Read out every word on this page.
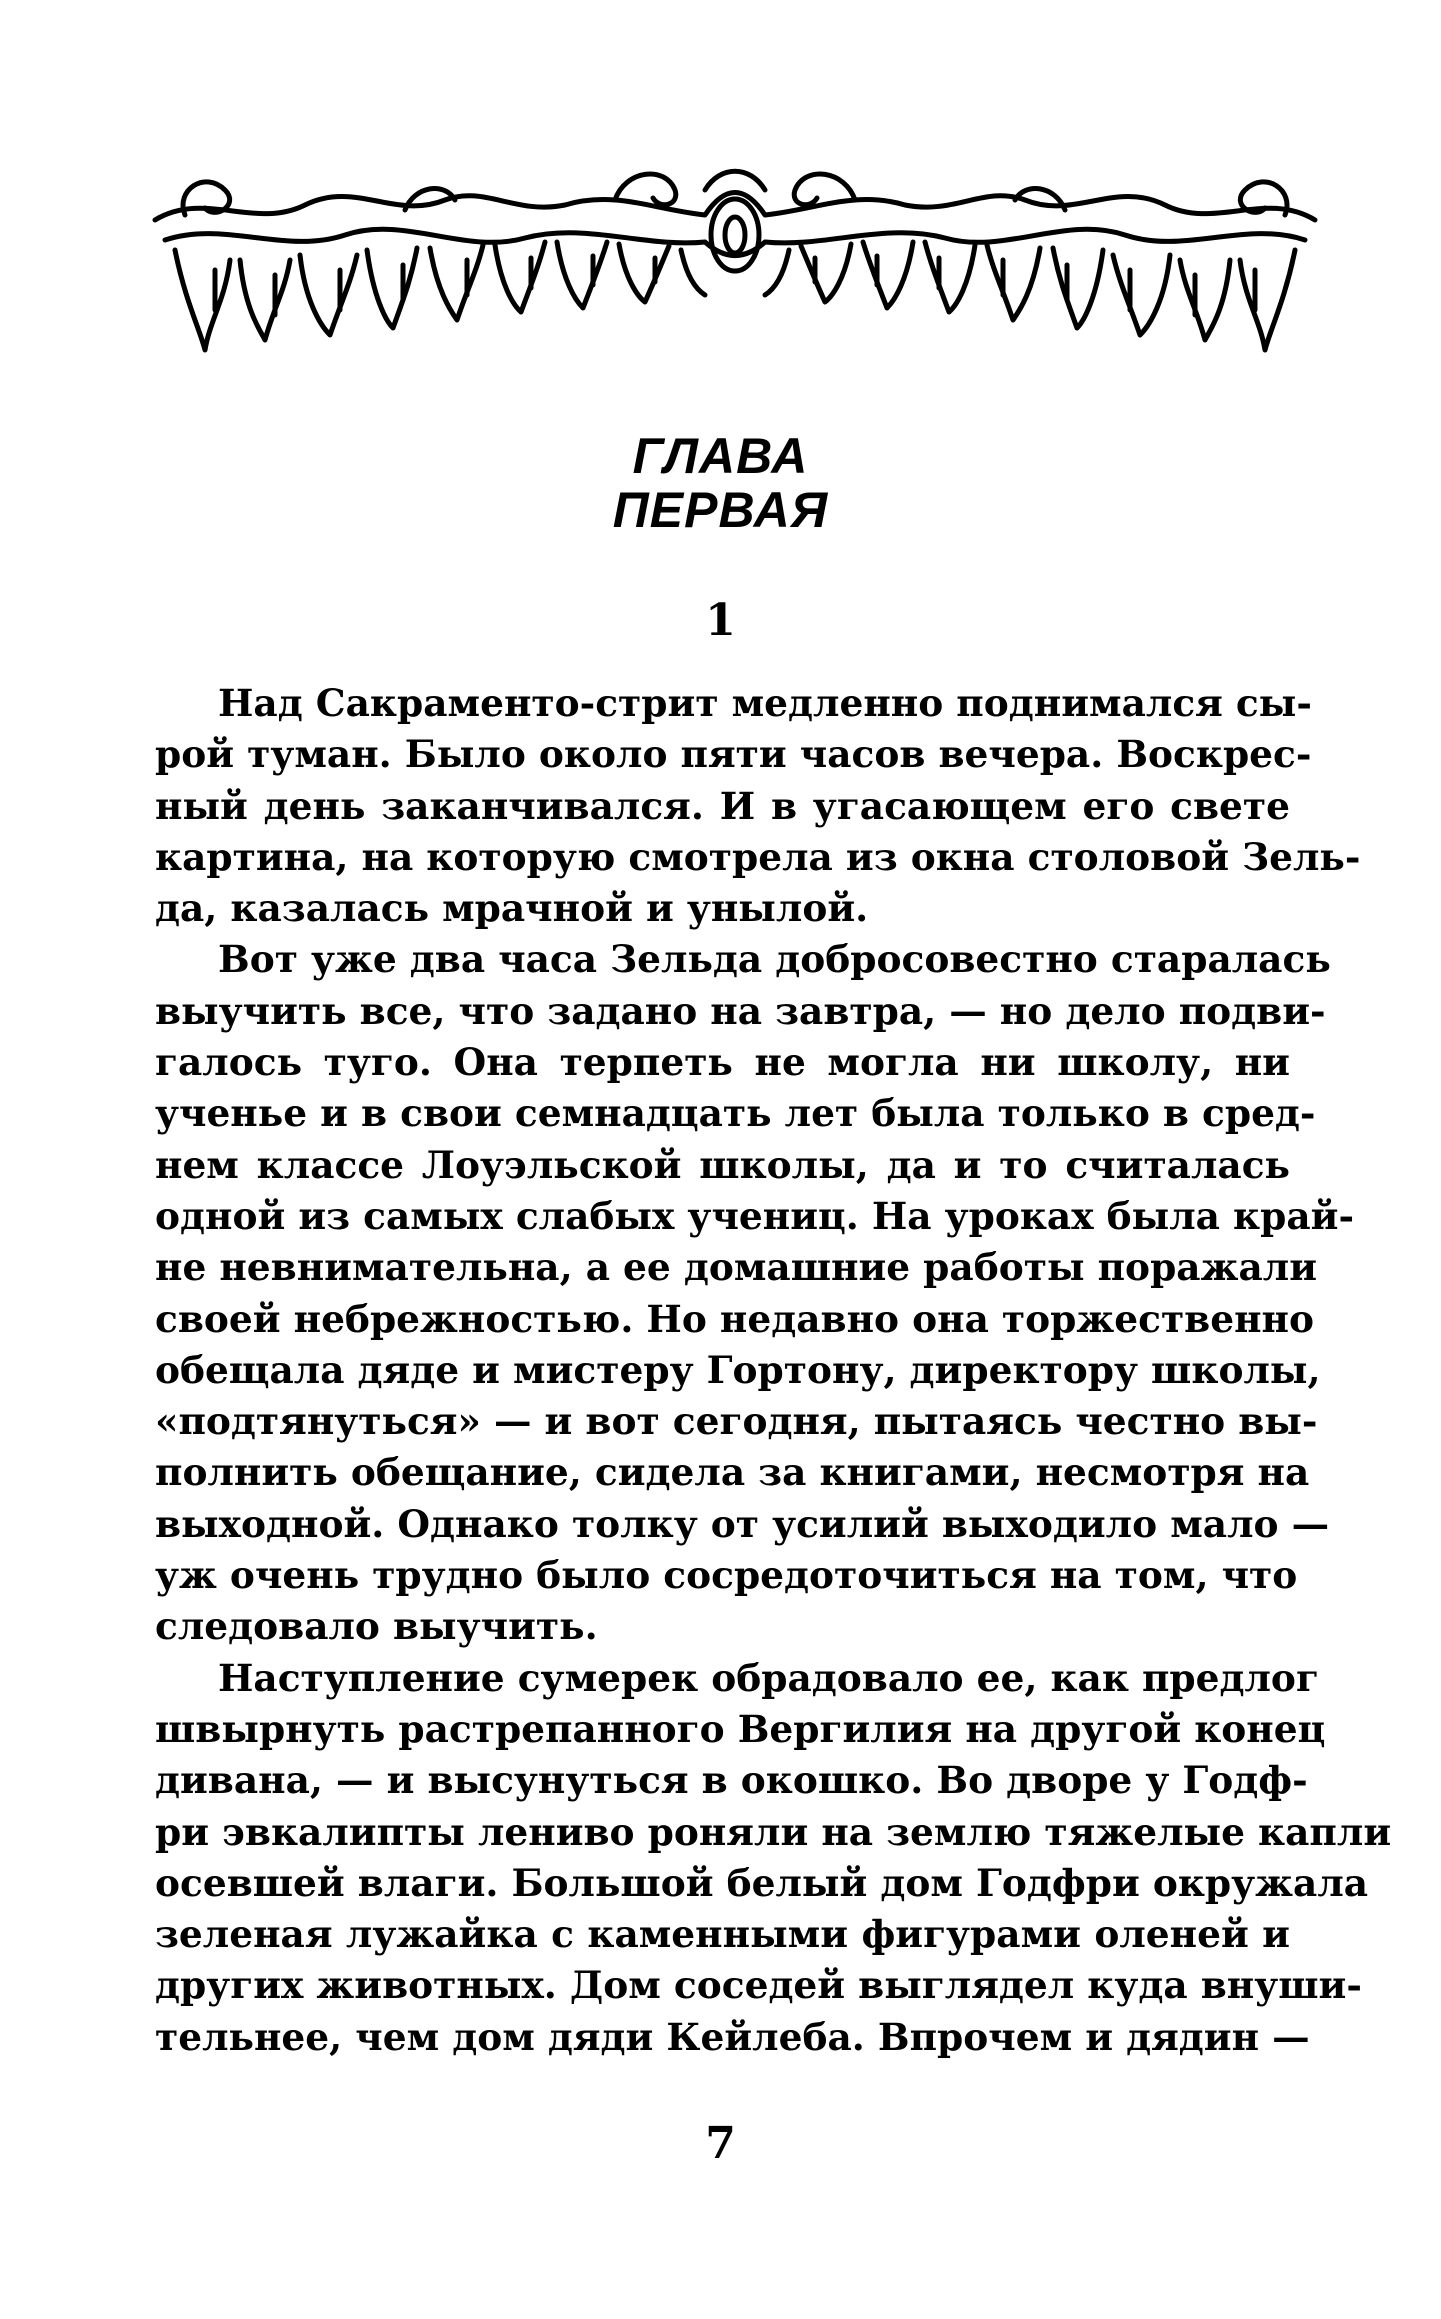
ГЛАВА
ПЕРВАЯ
1
Над Сакраменто-стрит медленно поднимался сы-
рой туман. Было около пяти часов вечера. Воскрес-
ный день заканчивался. И в угасающем его свете
картина, на которую смотрела из окна столовой Зель-
да, казалась мрачной и унылой.
Вот уже два часа Зельда добросовестно старалась
выучить все, что задано на завтра, — но дело подви-
галось туго. Она терпеть не могла ни школу, ни
ученье и в свои семнадцать лет была только в сред-
нем классе Лоуэльской школы, да и то считалась
одной из самых слабых учениц. На уроках была край-
не невнимательна, а ее домашние работы поражали
своей небрежностью. Но недавно она торжественно
обещала дяде и мистеру Гортону, директору школы,
«подтянуться» — и вот сегодня, пытаясь честно вы-
полнить обещание, сидела за книгами, несмотря на
выходной. Однако толку от усилий выходило мало —
уж очень трудно было сосредоточиться на том, что
следовало выучить.
Наступление сумерек обрадовало ее, как предлог
швырнуть растрепанного Вергилия на другой конец
дивана, — и высунуться в окошко. Во дворе у Годф-
ри эвкалипты лениво роняли на землю тяжелые капли
осевшей влаги. Большой белый дом Годфри окружала
зеленая лужайка с каменными фигурами оленей и
других животных. Дом соседей выглядел куда внуши-
тельнее, чем дом дяди Кейлеба. Впрочем и дядин —
7
